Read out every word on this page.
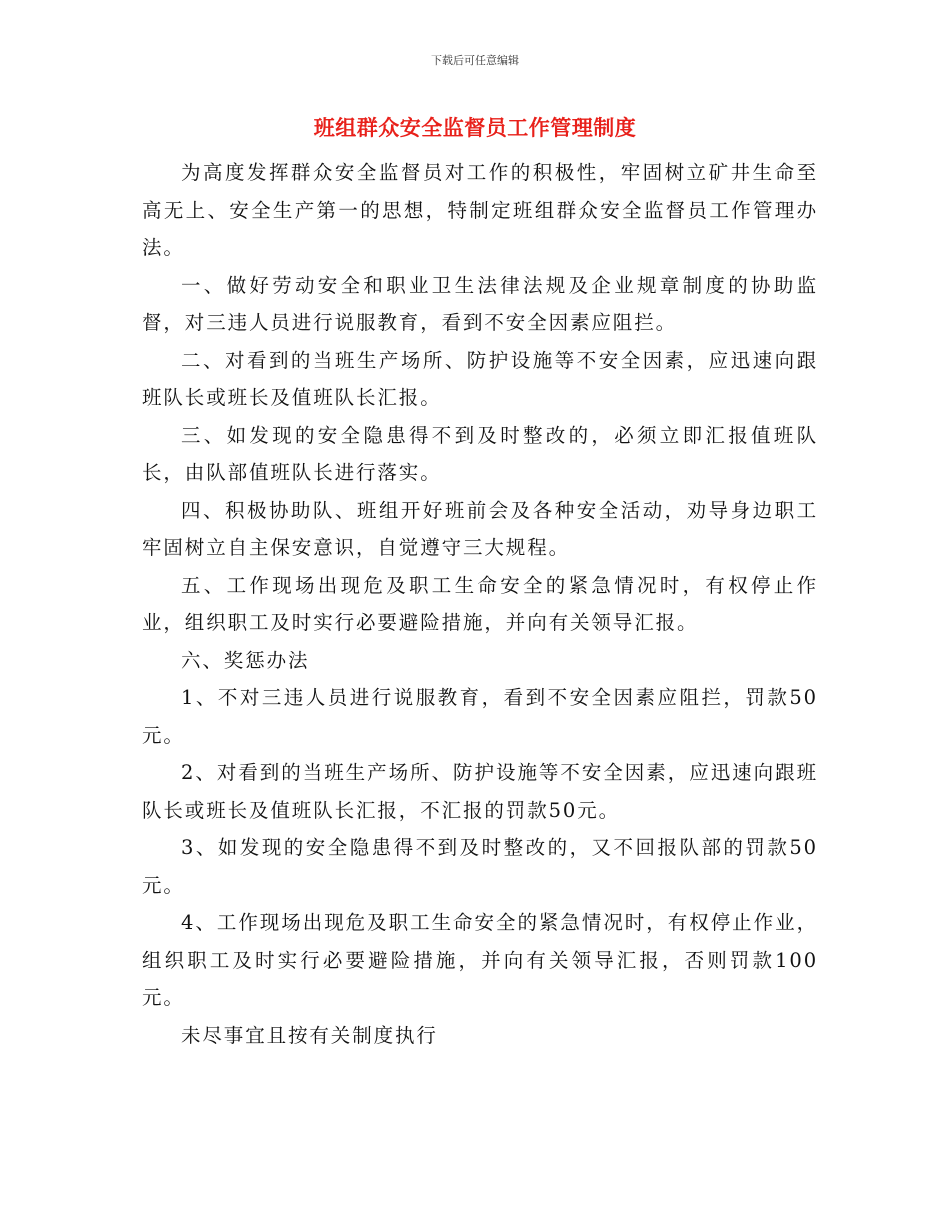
下载后可任意编辑
班组群众安全监督员工作管理制度

为高度发挥群众安全监督员对工作的积极性，牢固树立矿井生命至高无上、安全生产第一的思想，特制定班组群众安全监督员工作管理办法。

一、做好劳动安全和职业卫生法律法规及企业规章制度的协助监督，对三违人员进行说服教育，看到不安全因素应阻拦。

二、对看到的当班生产场所、防护设施等不安全因素，应迅速向跟班队长或班长及值班队长汇报。

三、如发现的安全隐患得不到及时整改的，必须立即汇报值班队长，由队部值班队长进行落实。

四、积极协助队、班组开好班前会及各种安全活动，劝导身边职工牢固树立自主保安意识，自觉遵守三大规程。

五、工作现场出现危及职工生命安全的紧急情况时，有权停止作业，组织职工及时实行必要避险措施，并向有关领导汇报。

六、奖惩办法

1、不对三违人员进行说服教育，看到不安全因素应阻拦，罚款50元。

2、对看到的当班生产场所、防护设施等不安全因素，应迅速向跟班队长或班长及值班队长汇报，不汇报的罚款50元。

3、如发现的安全隐患得不到及时整改的，又不回报队部的罚款50元。

4、工作现场出现危及职工生命安全的紧急情况时，有权停止作业，组织职工及时实行必要避险措施，并向有关领导汇报，否则罚款100元。

未尽事宜且按有关制度执行
